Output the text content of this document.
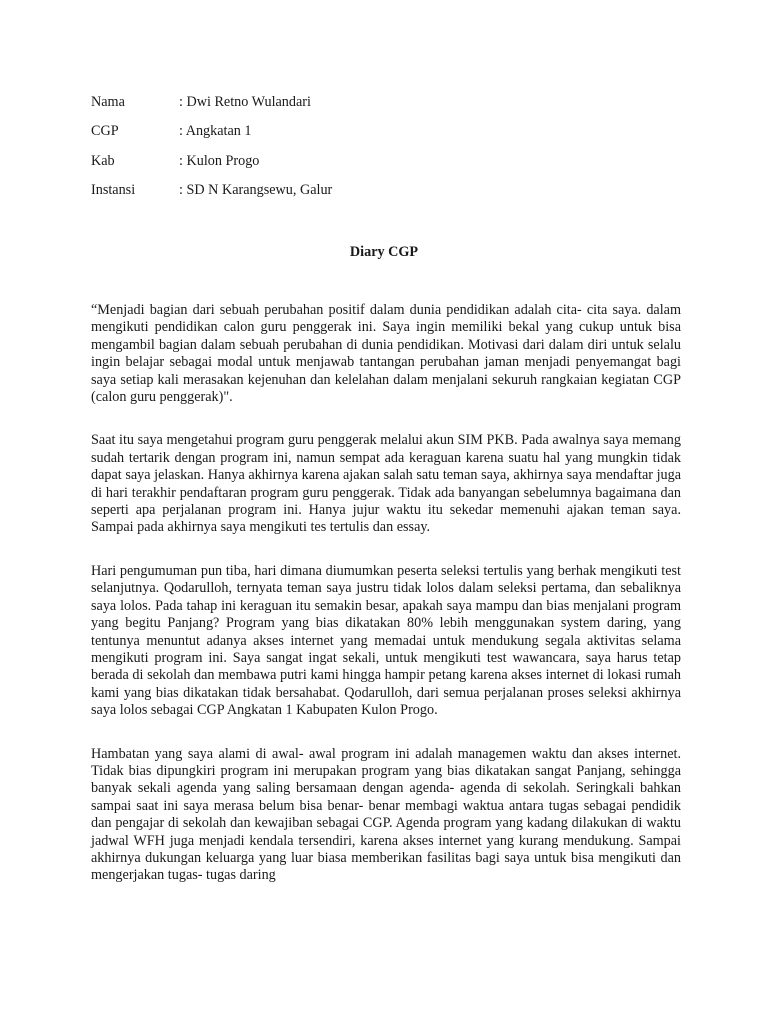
Nama	: Dwi Retno Wulandari
CGP	: Angkatan 1
Kab	: Kulon Progo
Instansi	: SD N Karangsewu, Galur
Diary CGP

“Menjadi bagian dari sebuah perubahan positif dalam dunia pendidikan adalah cita- cita saya. dalam mengikuti pendidikan calon guru penggerak ini. Saya ingin memiliki bekal yang cukup untuk bisa mengambil bagian dalam sebuah perubahan di dunia pendidikan. Motivasi dari dalam diri untuk selalu ingin belajar sebagai modal untuk menjawab tantangan perubahan jaman menjadi penyemangat bagi saya setiap kali merasakan kejenuhan dan kelelahan dalam menjalani sekuruh rangkaian kegiatan CGP (calon guru penggerak)".

Saat itu saya mengetahui program guru penggerak melalui akun SIM PKB. Pada awalnya saya memang sudah tertarik dengan program ini, namun sempat ada keraguan karena suatu hal yang mungkin tidak dapat saya jelaskan. Hanya akhirnya karena ajakan salah satu teman saya, akhirnya saya mendaftar juga di hari terakhir pendaftaran program guru penggerak. Tidak ada banyangan sebelumnya bagaimana dan seperti apa perjalanan program ini. Hanya jujur waktu itu sekedar memenuhi ajakan teman saya. Sampai pada akhirnya saya mengikuti tes tertulis dan essay.

Hari pengumuman pun tiba, hari dimana diumumkan peserta seleksi tertulis yang berhak mengikuti test selanjutnya. Qodarulloh, ternyata teman saya justru tidak lolos dalam seleksi pertama, dan sebaliknya saya lolos. Pada tahap ini keraguan itu semakin besar, apakah saya mampu dan bias menjalani program yang begitu Panjang? Program yang bias dikatakan 80% lebih menggunakan system daring, yang tentunya menuntut adanya akses internet yang memadai untuk mendukung segala aktivitas selama mengikuti program ini. Saya sangat ingat sekali, untuk mengikuti test wawancara, saya harus tetap berada di sekolah dan membawa putri kami hingga hampir petang karena akses internet di lokasi rumah kami yang bias dikatakan tidak bersahabat. Qodarulloh, dari semua perjalanan proses seleksi akhirnya saya lolos sebagai CGP Angkatan 1 Kabupaten Kulon Progo.

Hambatan yang saya alami di awal- awal program ini adalah managemen waktu dan akses internet. Tidak bias dipungkiri program ini merupakan program yang bias dikatakan sangat Panjang, sehingga banyak sekali agenda yang saling bersamaan dengan agenda- agenda di sekolah. Seringkali bahkan sampai saat ini saya merasa belum bisa benar- benar membagi waktua antara tugas sebagai pendidik dan pengajar di sekolah dan kewajiban sebagai CGP. Agenda program yang kadang dilakukan di waktu jadwal WFH juga menjadi kendala tersendiri, karena akses internet yang kurang mendukung. Sampai akhirnya dukungan keluarga yang luar biasa memberikan fasilitas bagi saya untuk bisa mengikuti dan mengerjakan tugas- tugas daring
